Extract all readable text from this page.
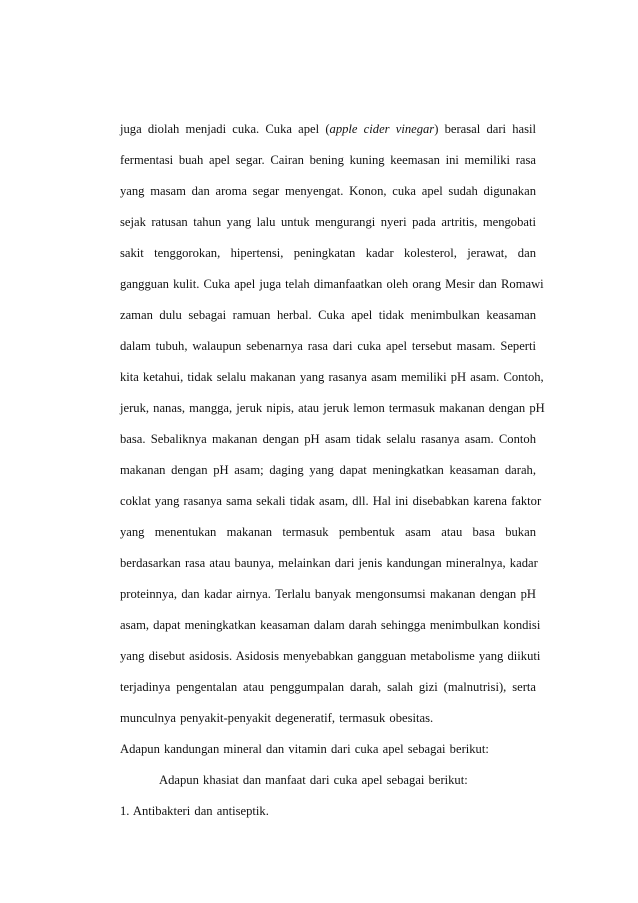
juga diolah menjadi cuka. Cuka apel (apple cider vinegar) berasal dari hasil
fermentasi buah apel segar. Cairan bening kuning keemasan ini memiliki rasa
yang masam dan aroma segar menyengat. Konon, cuka apel sudah digunakan
sejak ratusan tahun yang lalu untuk mengurangi nyeri pada artritis, mengobati
sakit tenggorokan, hipertensi, peningkatan kadar kolesterol, jerawat, dan
gangguan kulit. Cuka apel juga telah dimanfaatkan oleh orang Mesir dan Romawi
zaman dulu sebagai ramuan herbal. Cuka apel tidak menimbulkan keasaman
dalam tubuh, walaupun sebenarnya rasa dari cuka apel tersebut masam. Seperti
kita ketahui, tidak selalu makanan yang rasanya asam memiliki pH asam. Contoh,
jeruk, nanas, mangga, jeruk nipis, atau jeruk lemon termasuk makanan dengan pH
basa. Sebaliknya makanan dengan pH asam tidak selalu rasanya asam. Contoh
makanan dengan pH asam; daging yang dapat meningkatkan keasaman darah,
coklat yang rasanya sama sekali tidak asam, dll. Hal ini disebabkan karena faktor
yang menentukan makanan termasuk pembentuk asam atau basa bukan
berdasarkan rasa atau baunya, melainkan dari jenis kandungan mineralnya, kadar
proteinnya, dan kadar airnya. Terlalu banyak mengonsumsi makanan dengan pH
asam, dapat meningkatkan keasaman dalam darah sehingga menimbulkan kondisi
yang disebut asidosis. Asidosis menyebabkan gangguan metabolisme yang diikuti
terjadinya pengentalan atau penggumpalan darah, salah gizi (malnutrisi), serta
munculnya penyakit-penyakit degeneratif, termasuk obesitas.
Adapun kandungan mineral dan vitamin dari cuka apel sebagai berikut:
Adapun khasiat dan manfaat dari cuka apel sebagai berikut:
1. Antibakteri dan antiseptik.
